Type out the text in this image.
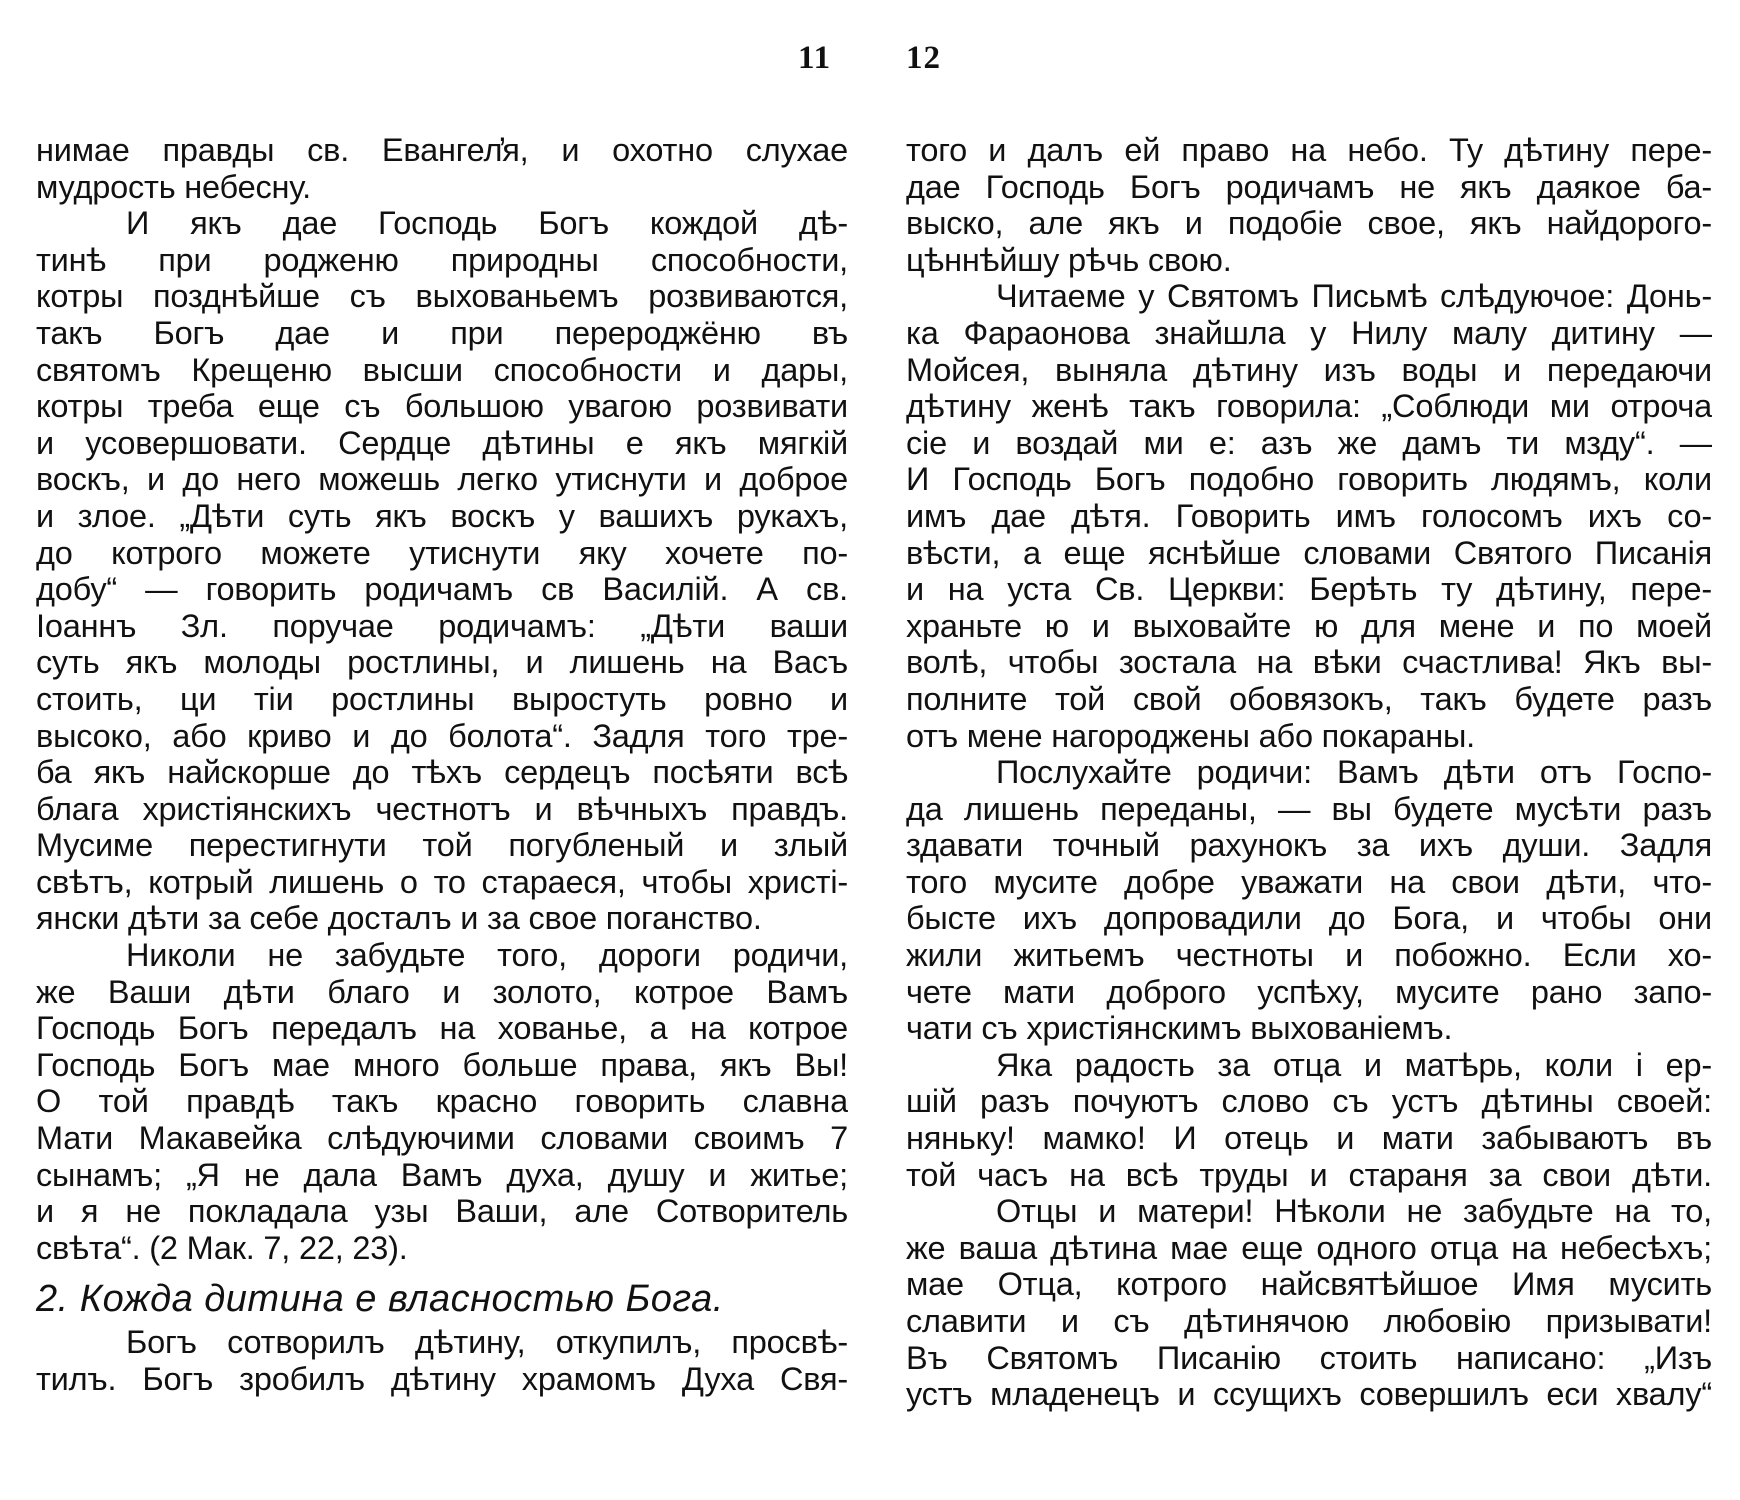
11 12
нимае правды св. Евангел̓я, и охотно слухае
мудрость небесну.
И якъ дае Господь Богъ кождой дѣ-
тинѣ при родженю природны способности,
котры позднѣйше съ выхованьемъ розвиваются,
такъ Богъ дае и при перероджёню въ
святомъ Крещеню высши способности и дары,
котры треба еще съ большою увагою розвивати
и усовершовати. Сердце дѣтины е якъ мягкій
воскъ, и до него можешь легко утиснути и доброе
и злое. „Дѣти суть якъ воскъ у вашихъ рукахъ,
до котрого можете утиснути яку хочете по-
добу“ — говорить родичамъ св Василій. А св.
Іоаннъ Зл. поручае родичамъ: „Дѣти ваши
суть якъ молоды ростлины, и лишень на Васъ
стоить, ци тіи ростлины выростуть ровно и
высоко, або криво и до болота“. Задля того тре-
ба якъ найскорше до тѣхъ сердецъ посѣяти всѣ
блага христіянскихъ честнотъ и вѣчныхъ правдъ.
Мусиме перестигнути той погубленый и злый
свѣтъ, котрый лишень о то стараеся, чтобы христі-
янски дѣти за себе досталъ и за свое поганство.
Николи не забудьте того, дороги родичи,
же Ваши дѣти благо и золото, котрое Вамъ
Господь Богъ передалъ на хованье, а на котрое
Господь Богъ мае много больше права, якъ Вы!
О той правдѣ такъ красно говорить славна
Мати Макавейка слѣдуючими словами своимъ 7
сынамъ; „Я не дала Вамъ духа, душу и житье;
и я не покладала узы Ваши, але Сотворитель
свѣта“. (2 Мак. 7, 22, 23).
2. Кожда дитина е власностью Бога.
Богъ сотворилъ дѣтину, откупилъ, просвѣ-
тилъ. Богъ зробилъ дѣтину храмомъ Духа Свя-
того и далъ ей право на небо. Ту дѣтину пере-
дае Господь Богъ родичамъ не якъ даякое ба-
выско, але якъ и подобіе свое, якъ найдорого-
цѣннѣйшу рѣчь свою.
Читаеме у Святомъ Письмѣ слѣдуючое: Донь-
ка Фараонова знайшла у Нилу малу дитину —
Мойсея, выняла дѣтину изъ воды и передаючи
дѣтину женѣ такъ говорила: „Соблюди ми отроча
сіе и воздай ми е: азъ же дамъ ти мзду“. —
И Господь Богъ подобно говорить людямъ, коли
имъ дае дѣтя. Говорить имъ голосомъ ихъ со-
вѣсти, а еще яснѣйше словами Святого Писанія
и на уста Св. Церкви: Берѣть ту дѣтину, пере-
храньте ю и выховайте ю для мене и по моей
волѣ, чтобы зостала на вѣки счастлива! Якъ вы-
полните той свой обовязокъ, такъ будете разъ
отъ мене нагороджены або покараны.
Послухайте родичи: Вамъ дѣти отъ Госпо-
да лишень переданы, — вы будете мусѣти разъ
здавати точный рахунокъ за ихъ души. Задля
того мусите добре уважати на свои дѣти, что-
бысте ихъ допровадили до Бога, и чтобы они
жили житьемъ честноты и побожно. Если хо-
чете мати доброго успѣху, мусите рано запо-
чати съ христіянскимъ выхованіемъ.
Яка радость за отца и матѣрь, коли і ер-
шій разъ почуютъ слово съ устъ дѣтины своей:
няньку! мамко! И отець и мати забываютъ въ
той часъ на всѣ труды и стараня за свои дѣти.
Отцы и матери! Нѣколи не забудьте на то,
же ваша дѣтина мае еще одного отца на небесѣхъ;
мае Отца, котрого найсвятѣйшое Имя мусить
славити и съ дѣтинячою любовію призывати!
Въ Святомъ Писанію стоить написано: „Изъ
устъ младенецъ и ссущихъ совершилъ еси хвалу“
